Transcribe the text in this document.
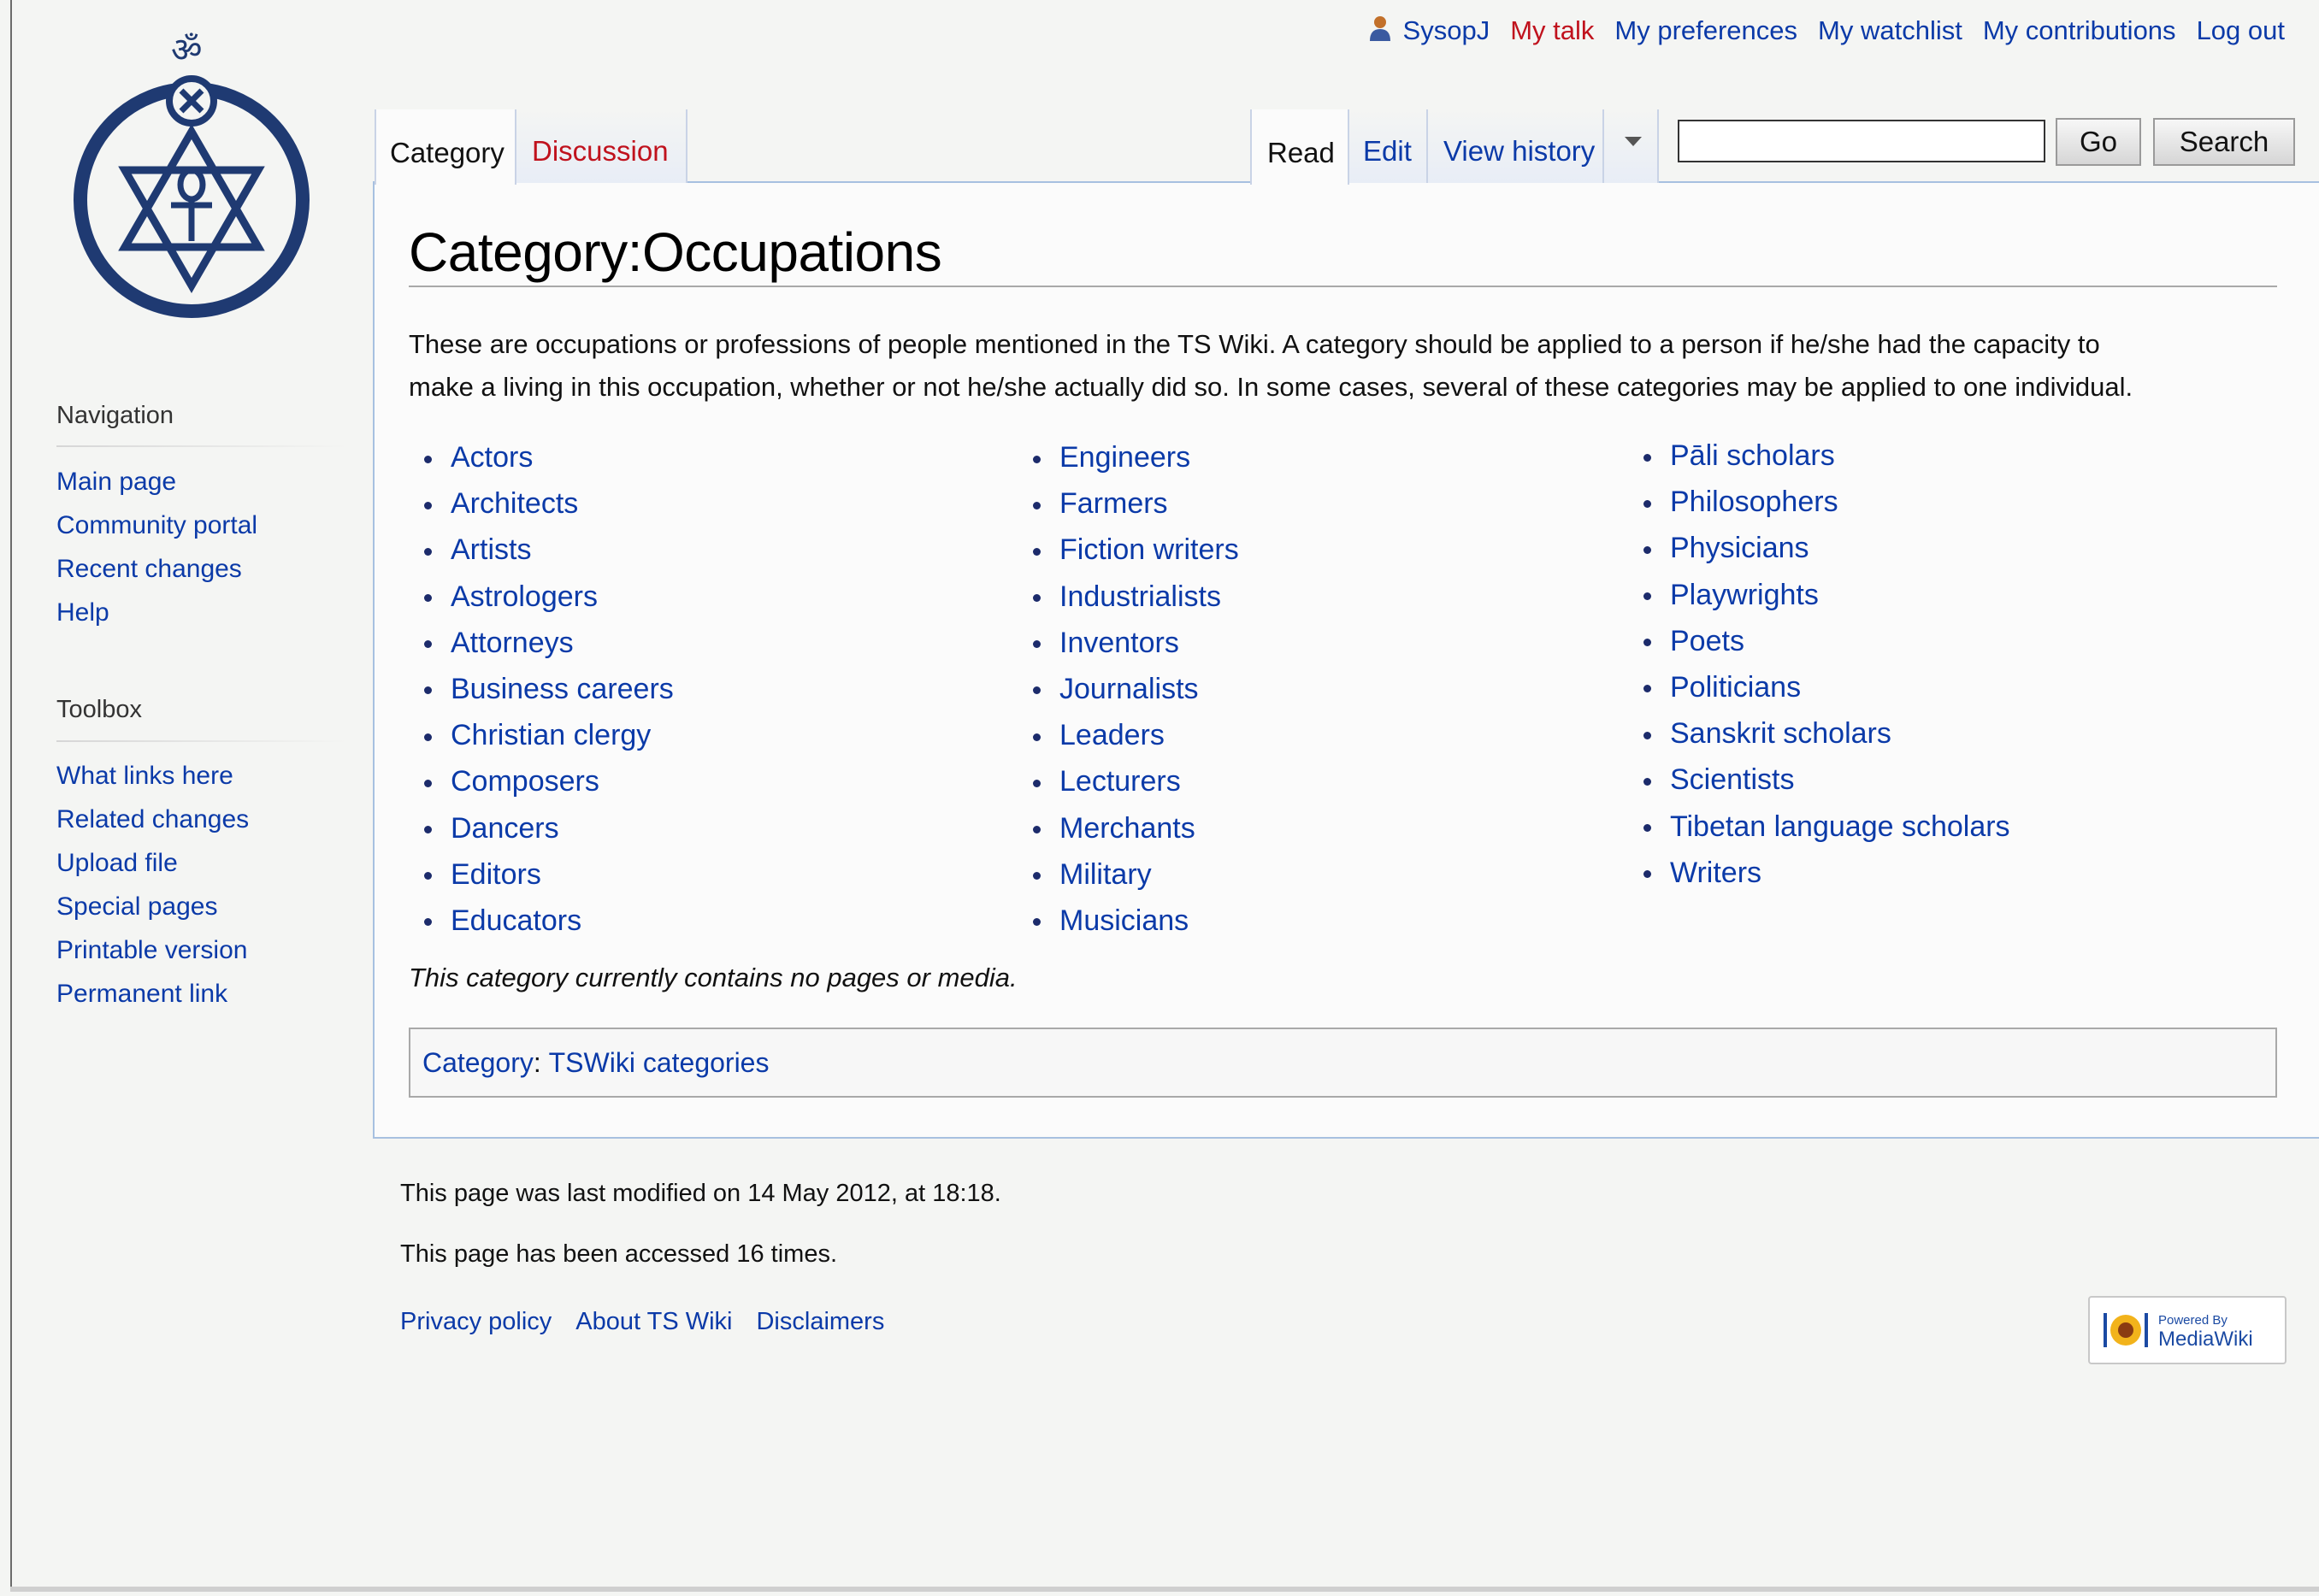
SysopJ My talk My preferences My watchlist My contributions Log out
ॐ
Navigation
Main page
Community portal
Recent changes
Help
Toolbox
What links here
Related changes
Upload file
Special pages
Printable version
Permanent link
Category Discussion	Read Edit View history	Go	Search
Category:Occupations

These are occupations or professions of people mentioned in the TS Wiki. A category should be applied to a person if he/she had the capacity to
make a living in this occupation, whether or not he/she actually did so. In some cases, several of these categories may be applied to one individual.

Actors
Architects
Artists
Astrologers
Attorneys
Business careers
Christian clergy
Composers
Dancers
Editors
Educators
Engineers
Farmers
Fiction writers
Industrialists
Inventors
Journalists
Leaders
Lecturers
Merchants
Military
Musicians
Pāli scholars
Philosophers
Physicians
Playwrights
Poets
Politicians
Sanskrit scholars
Scientists
Tibetan language scholars
Writers

This category currently contains no pages or media.

Category : TSWiki categories

This page was last modified on 14 May 2012, at 18:18.

This page has been accessed 16 times.

Privacy policy About TS Wiki Disclaimers	Powered By
MediaWiki
